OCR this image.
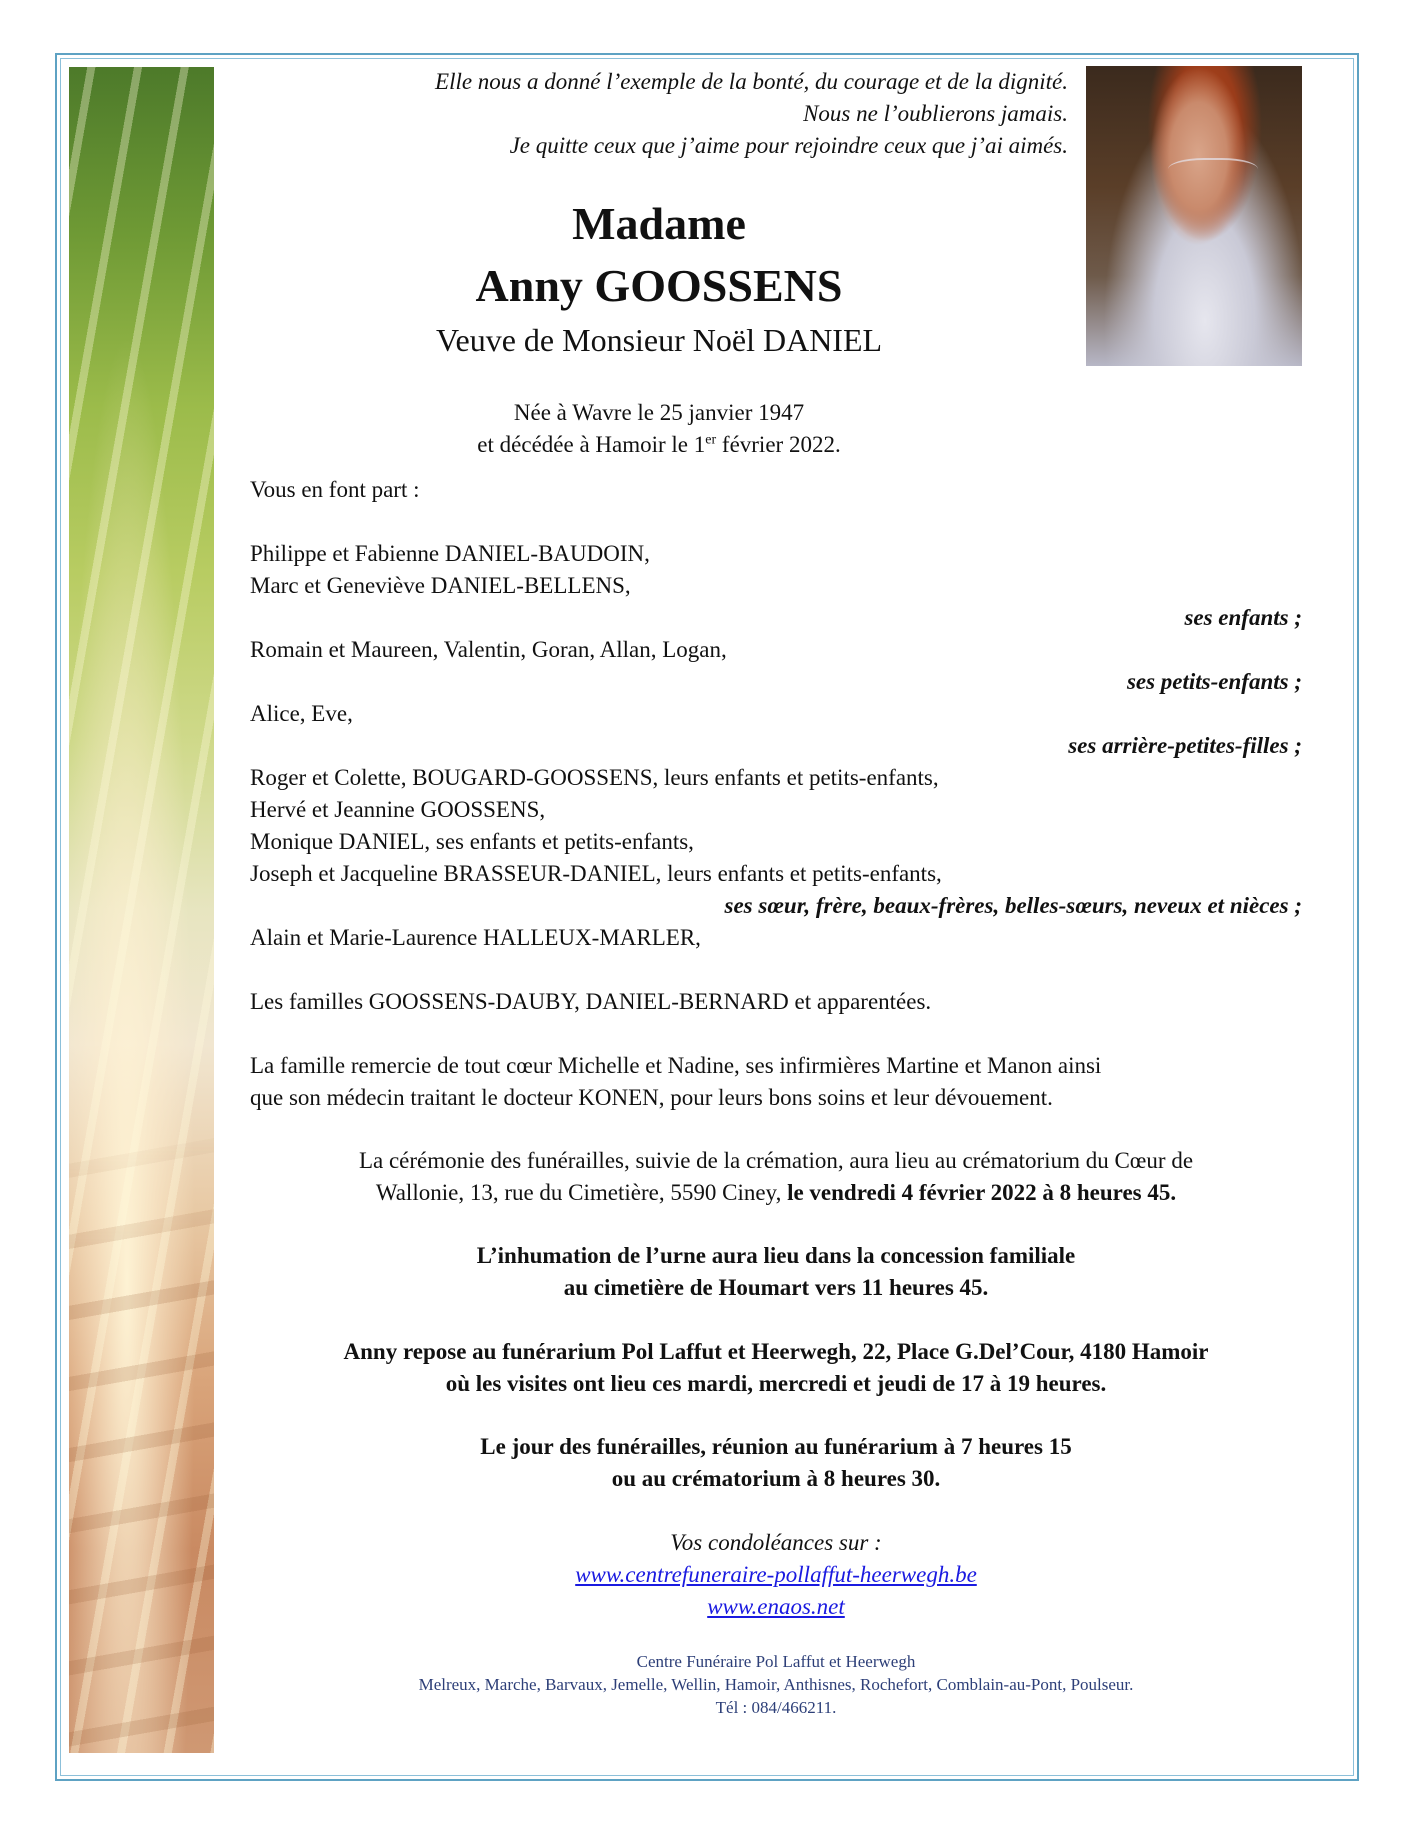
Elle nous a donné l’exemple de la bonté, du courage et de la dignité.
Nous ne l’oublierons jamais.
Je quitte ceux que j’aime pour rejoindre ceux que j’ai aimés.
Madame
Anny GOOSSENS
Veuve de Monsieur Noël DANIEL
Née à Wavre le 25 janvier 1947
et décédée à Hamoir le 1er février 2022.
Vous en font part :
Philippe et Fabienne DANIEL-BAUDOIN,
Marc et Geneviève DANIEL-BELLENS,
ses enfants ;
Romain et Maureen, Valentin, Goran, Allan, Logan,
ses petits-enfants ;
Alice, Eve,
ses arrière-petites-filles ;
Roger et Colette, BOUGARD-GOOSSENS, leurs enfants et petits-enfants,
Hervé et Jeannine GOOSSENS,
Monique DANIEL, ses enfants et petits-enfants,
Joseph et Jacqueline BRASSEUR-DANIEL, leurs enfants et petits-enfants,
ses sœur, frère, beaux-frères, belles-sœurs, neveux et nièces ;
Alain et Marie-Laurence HALLEUX-MARLER,
Les familles GOOSSENS-DAUBY, DANIEL-BERNARD et apparentées.
La famille remercie de tout cœur Michelle et Nadine, ses infirmières Martine et Manon ainsi
que son médecin traitant le docteur KONEN, pour leurs bons soins et leur dévouement.
La cérémonie des funérailles, suivie de la crémation, aura lieu au crématorium du Cœur de
Wallonie, 13, rue du Cimetière, 5590 Ciney, le vendredi 4 février 2022 à 8 heures 45.
L’inhumation de l’urne aura lieu dans la concession familiale
au cimetière de Houmart vers 11 heures 45.
Anny repose au funérarium Pol Laffut et Heerwegh, 22, Place G.Del’Cour, 4180 Hamoir
où les visites ont lieu ces mardi, mercredi et jeudi de 17 à 19 heures.
Le jour des funérailles, réunion au funérarium à 7 heures 15
ou au crématorium à 8 heures 30.
Vos condoléances sur :
www.centrefuneraire-pollaffut-heerwegh.be
www.enaos.net
Centre Funéraire Pol Laffut et Heerwegh
Melreux, Marche, Barvaux, Jemelle, Wellin, Hamoir, Anthisnes, Rochefort, Comblain-au-Pont, Poulseur.
Tél : 084/466211.
